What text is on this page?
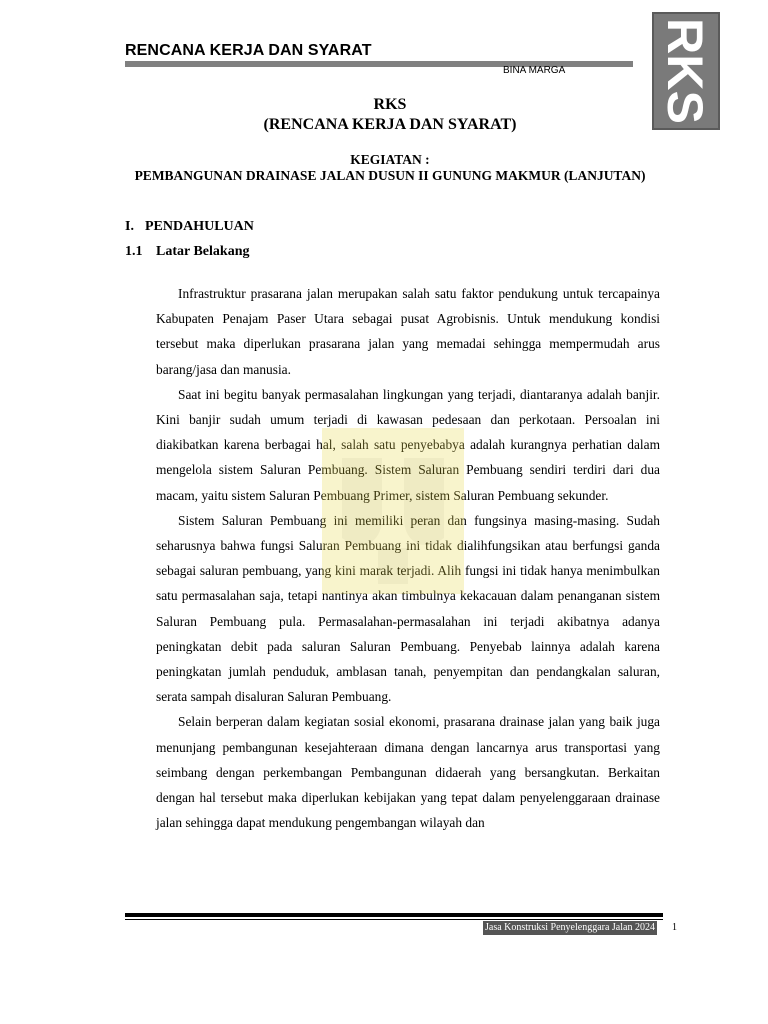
RENCANA KERJA DAN SYARAT
BINA MARGA RKS
RKS
(RENCANA KERJA DAN SYARAT)
KEGIATAN :
PEMBANGUNAN DRAINASE JALAN DUSUN II GUNUNG MAKMUR (LANJUTAN)
I. PENDAHULUAN
1.1 Latar Belakang

Infrastruktur prasarana jalan merupakan salah satu faktor pendukung untuk tercapainya Kabupaten Penajam Paser Utara sebagai pusat Agrobisnis. Untuk mendukung kondisi tersebut maka diperlukan prasarana jalan yang memadai sehingga mempermudah arus barang/jasa dan manusia.

Saat ini begitu banyak permasalahan lingkungan yang terjadi, diantaranya adalah banjir. Kini banjir sudah umum terjadi di kawasan pedesaan dan perkotaan. Persoalan ini diakibatkan karena berbagai hal, salah satu penyebabya adalah kurangnya perhatian dalam mengelola sistem Saluran Pembuang. Sistem Saluran Pembuang sendiri terdiri dari dua macam, yaitu sistem Saluran Pembuang Primer, sistem Saluran Pembuang sekunder.

Sistem Saluran Pembuang ini memiliki peran dan fungsinya masing-masing. Sudah seharusnya bahwa fungsi Saluran Pembuang ini tidak dialihfungsikan atau berfungsi ganda sebagai saluran pembuang, yang kini marak terjadi. Alih fungsi ini tidak hanya menimbulkan satu permasalahan saja, tetapi nantinya akan timbulnya kekacauan dalam penanganan sistem Saluran Pembuang pula. Permasalahan-permasalahan ini terjadi akibatnya adanya peningkatan debit pada saluran Saluran Pembuang. Penyebab lainnya adalah karena peningkatan jumlah penduduk, amblasan tanah, penyempitan dan pendangkalan saluran, serata sampah disaluran Saluran Pembuang.

Selain berperan dalam kegiatan sosial ekonomi, prasarana drainase jalan yang baik juga menunjang pembangunan kesejahteraan dimana dengan lancarnya arus transportasi yang seimbang dengan perkembangan Pembangunan didaerah yang bersangkutan. Berkaitan dengan hal tersebut maka diperlukan kebijakan yang tepat dalam penyelenggaraan drainase jalan sehingga dapat mendukung pengembangan wilayah dan

Jasa Konstruksi Penyelenggara Jalan 2024 1
